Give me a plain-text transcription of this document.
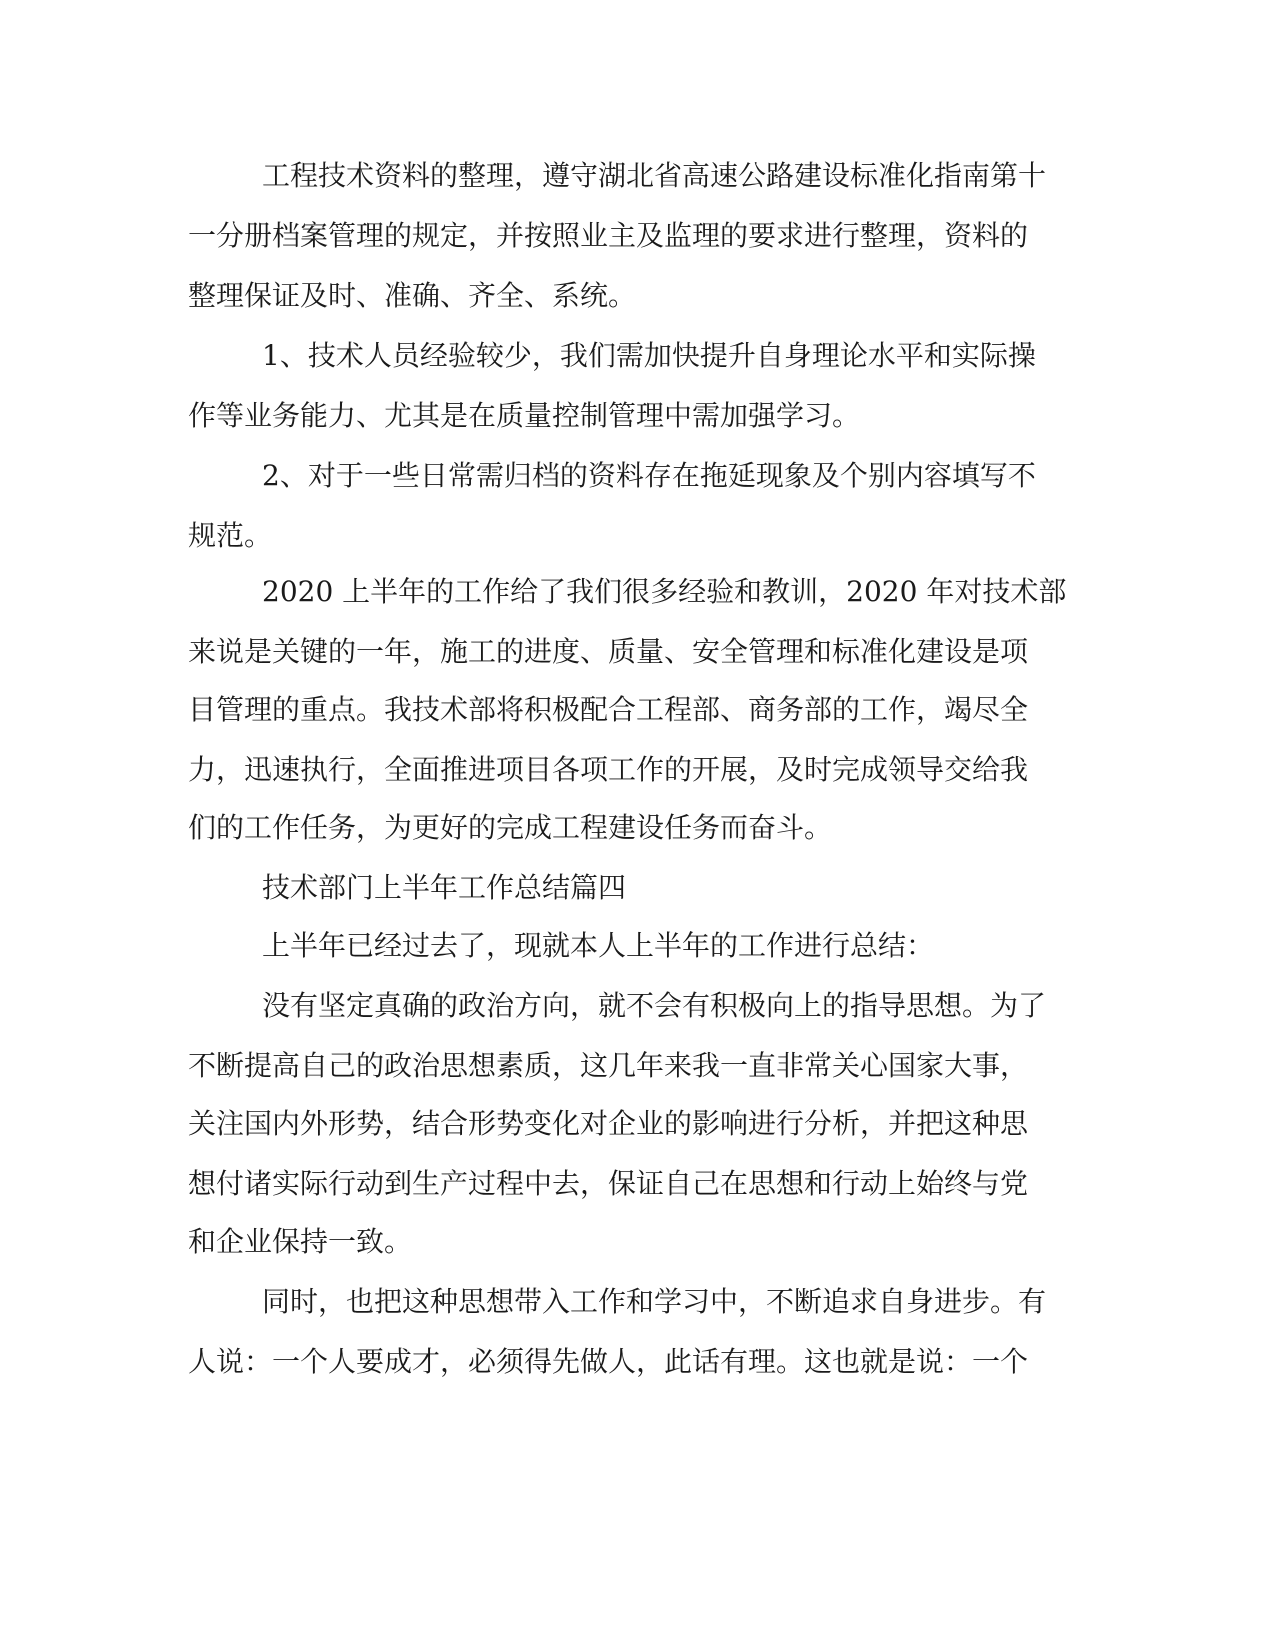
工程技术资料的整理，遵守湖北省高速公路建设标准化指南第十
一分册档案管理的规定，并按照业主及监理的要求进行整理，资料的
整理保证及时、准确、齐全、系统。
1、技术人员经验较少，我们需加快提升自身理论水平和实际操
作等业务能力、尤其是在质量控制管理中需加强学习。
2、对于一些日常需归档的资料存在拖延现象及个别内容填写不
规范。
2020 上半年的工作给了我们很多经验和教训，2020 年对技术部
来说是关键的一年，施工的进度、质量、安全管理和标准化建设是项
目管理的重点。我技术部将积极配合工程部、商务部的工作，竭尽全
力，迅速执行，全面推进项目各项工作的开展，及时完成领导交给我
们的工作任务，为更好的完成工程建设任务而奋斗。
技术部门上半年工作总结篇四
上半年已经过去了，现就本人上半年的工作进行总结：
没有坚定真确的政治方向，就不会有积极向上的指导思想。为了
不断提高自己的政治思想素质，这几年来我一直非常关心国家大事，
关注国内外形势，结合形势变化对企业的影响进行分析，并把这种思
想付诸实际行动到生产过程中去，保证自己在思想和行动上始终与党
和企业保持一致。
同时，也把这种思想带入工作和学习中，不断追求自身进步。有
人说：一个人要成才，必须得先做人，此话有理。这也就是说：一个
